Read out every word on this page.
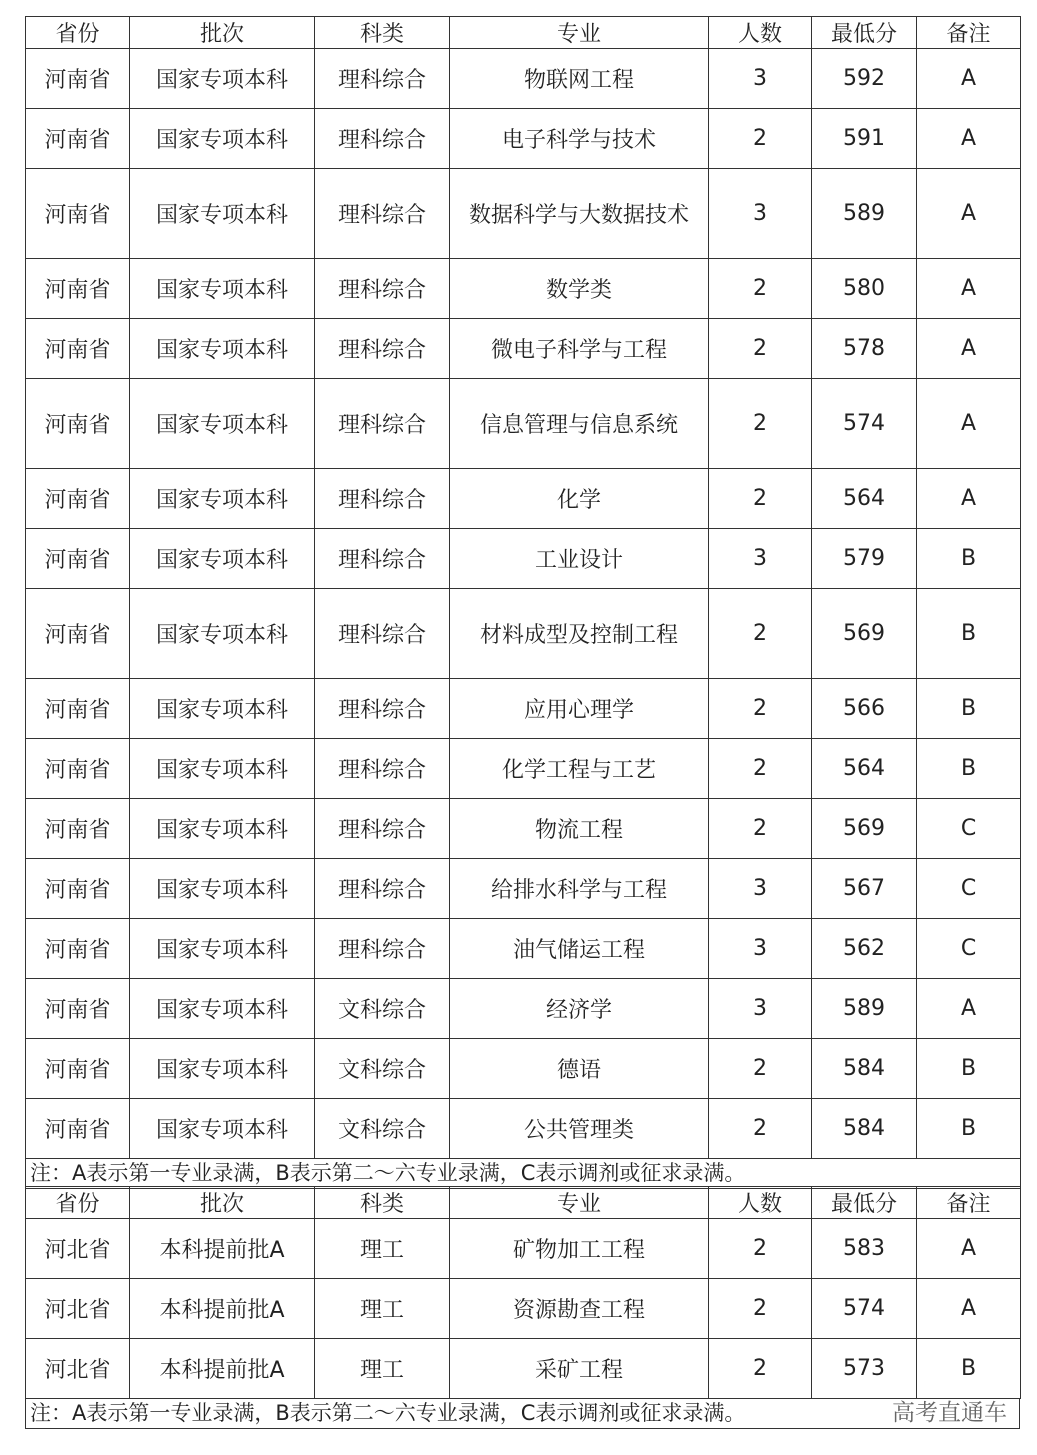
省份	批次	科类	专业	人数	最低分	备注
河南省	国家专项本科	理科综合	物联网工程	3	592	A
河南省	国家专项本科	理科综合	电子科学与技术	2	591	A
河南省	国家专项本科	理科综合	数据科学与大数据技术	3	589	A
河南省	国家专项本科	理科综合	数学类	2	580	A
河南省	国家专项本科	理科综合	微电子科学与工程	2	578	A
河南省	国家专项本科	理科综合	信息管理与信息系统	2	574	A
河南省	国家专项本科	理科综合	化学	2	564	A
河南省	国家专项本科	理科综合	工业设计	3	579	B
河南省	国家专项本科	理科综合	材料成型及控制工程	2	569	B
河南省	国家专项本科	理科综合	应用心理学	2	566	B
河南省	国家专项本科	理科综合	化学工程与工艺	2	564	B
河南省	国家专项本科	理科综合	物流工程	2	569	C
河南省	国家专项本科	理科综合	给排水科学与工程	3	567	C
河南省	国家专项本科	理科综合	油气储运工程	3	562	C
河南省	国家专项本科	文科综合	经济学	3	589	A
河南省	国家专项本科	文科综合	德语	2	584	B
河南省	国家专项本科	文科综合	公共管理类	2	584	B
注：A表示第一专业录满，B表示第二～六专业录满，C表示调剂或征求录满。						
省份	批次	科类	专业	人数	最低分	备注
河北省	本科提前批A	理工	矿物加工工程	2	583	A
河北省	本科提前批A	理工	资源勘查工程	2	574	A
河北省	本科提前批A	理工	采矿工程	2	573	B
注：A表示第一专业录满，B表示第二～六专业录满，C表示调剂或征求录满。	高考直通车
